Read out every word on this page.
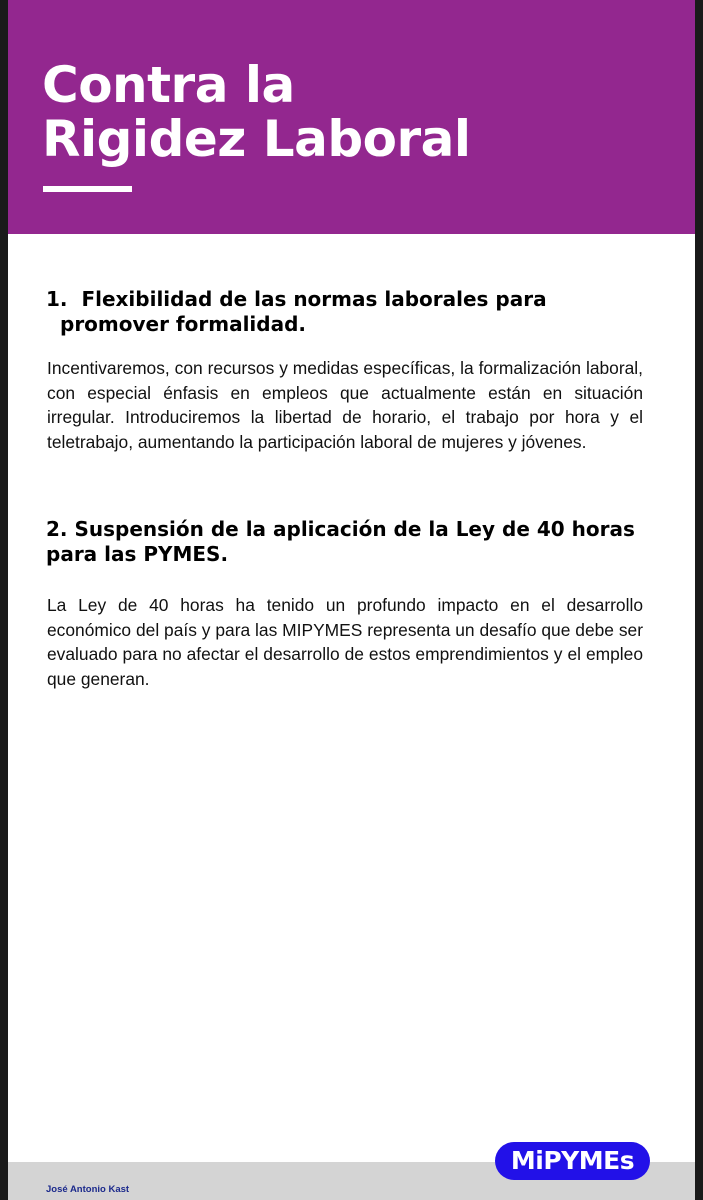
Contra la
Rigidez Laboral
1.  Flexibilidad de las normas laborales para
promover formalidad.

Incentivaremos, con recursos y medidas específicas, la formalización laboral, con especial énfasis en empleos que actualmente están en situación irregular. Introduciremos la libertad de horario, el trabajo por hora y el teletrabajo, aumentando la participación laboral de mujeres y jóvenes.

2. Suspensión de la aplicación de la Ley de 40 horas
para las PYMES.

La Ley de 40 horas ha tenido un profundo impacto en el desarrollo económico del país y para las MIPYMES representa un desafío que debe ser evaluado para no afectar el desarrollo de estos emprendimientos y el empleo que generan.

José Antonio Kast
MiPYMEs
